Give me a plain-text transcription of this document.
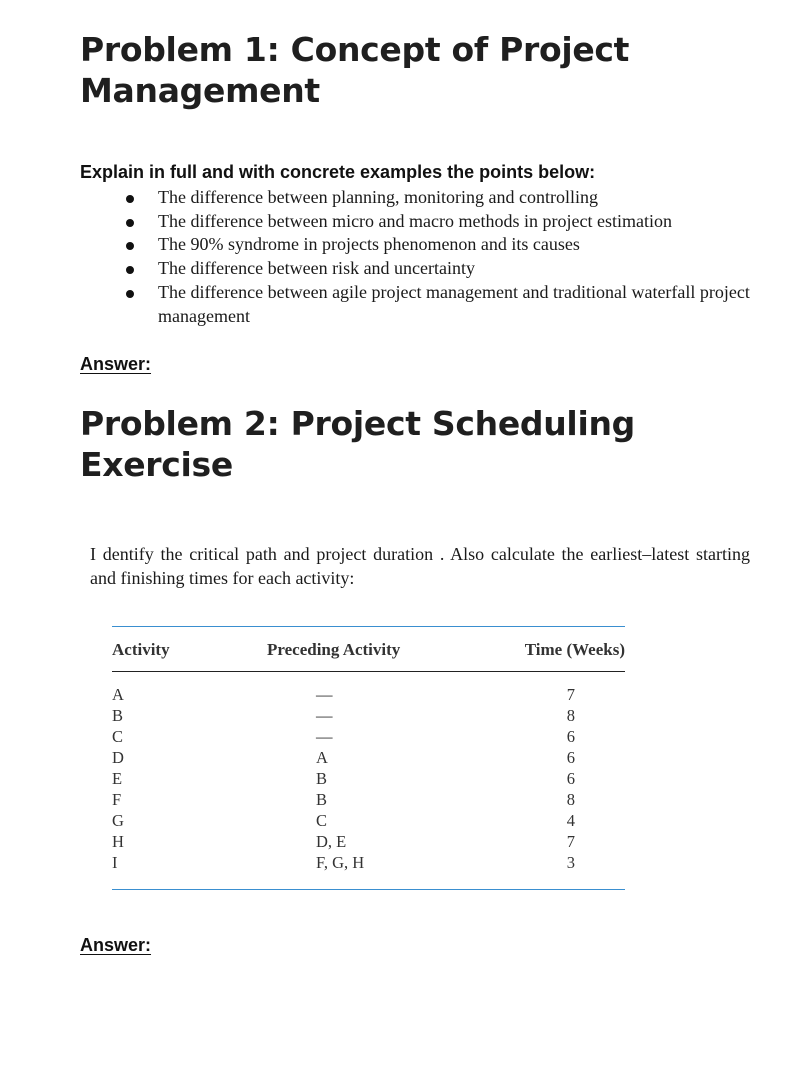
Problem 1: Concept of Project Management
Explain in full and with concrete examples the points below:
The difference between planning, monitoring and controlling
The difference between micro and macro methods in project estimation
The 90% syndrome in projects phenomenon and its causes
The difference between risk and uncertainty
The difference between agile project management and traditional waterfall project management
Answer:
Problem 2: Project Scheduling Exercise
I dentify the critical path and project duration . Also calculate the earliest–latest starting and finishing times for each activity:
Activity	Preceding Activity	Time (Weeks)
A	—	7
B	—	8
C	—	6
D	A	6
E	B	6
F	B	8
G	C	4
H	D, E	7
I	F, G, H	3
Answer:
